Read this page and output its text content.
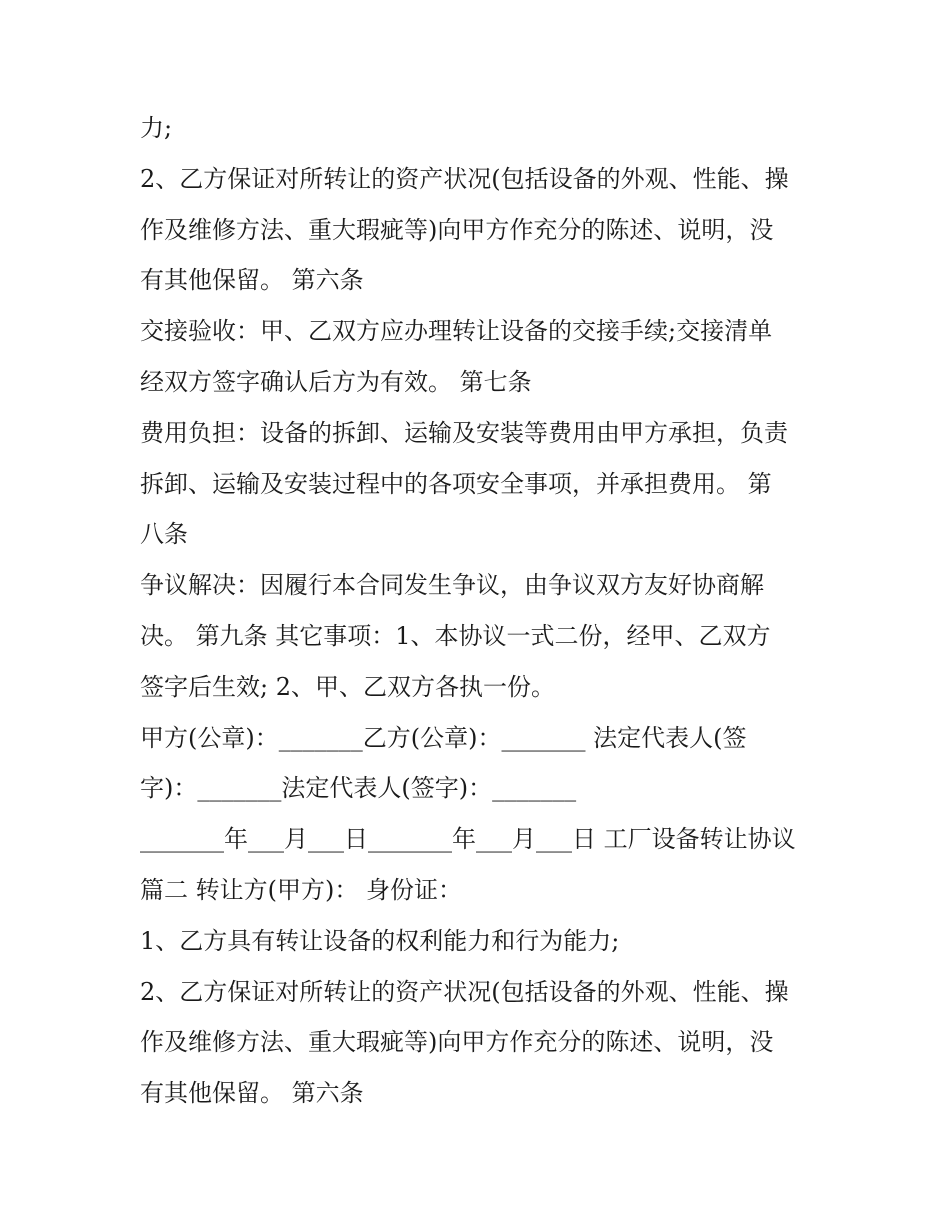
力;
2、乙方保证对所转让的资产状况(包括设备的外观、性能、操
作及维修方法、重大瑕疵等)向甲方作充分的陈述、说明，没
有其他保留。 第六条
交接验收：甲、乙双方应办理转让设备的交接手续;交接清单
经双方签字确认后方为有效。 第七条
费用负担：设备的拆卸、运输及安装等费用由甲方承担，负责
拆卸、运输及安装过程中的各项安全事项，并承担费用。 第
八条
争议解决：因履行本合同发生争议，由争议双方友好协商解
决。 第九条 其它事项：1、本协议一式二份，经甲、乙双方
签字后生效; 2、甲、乙双方各执一份。
甲方(公章)：_______乙方(公章)：_______ 法定代表人(签
字)：_______法定代表人(签字)：_______
_______年___月___日_______年___月___日 工厂设备转让协议
篇二 转让方(甲方)： 身份证：
1、乙方具有转让设备的权利能力和行为能力;
2、乙方保证对所转让的资产状况(包括设备的外观、性能、操
作及维修方法、重大瑕疵等)向甲方作充分的陈述、说明，没
有其他保留。 第六条
